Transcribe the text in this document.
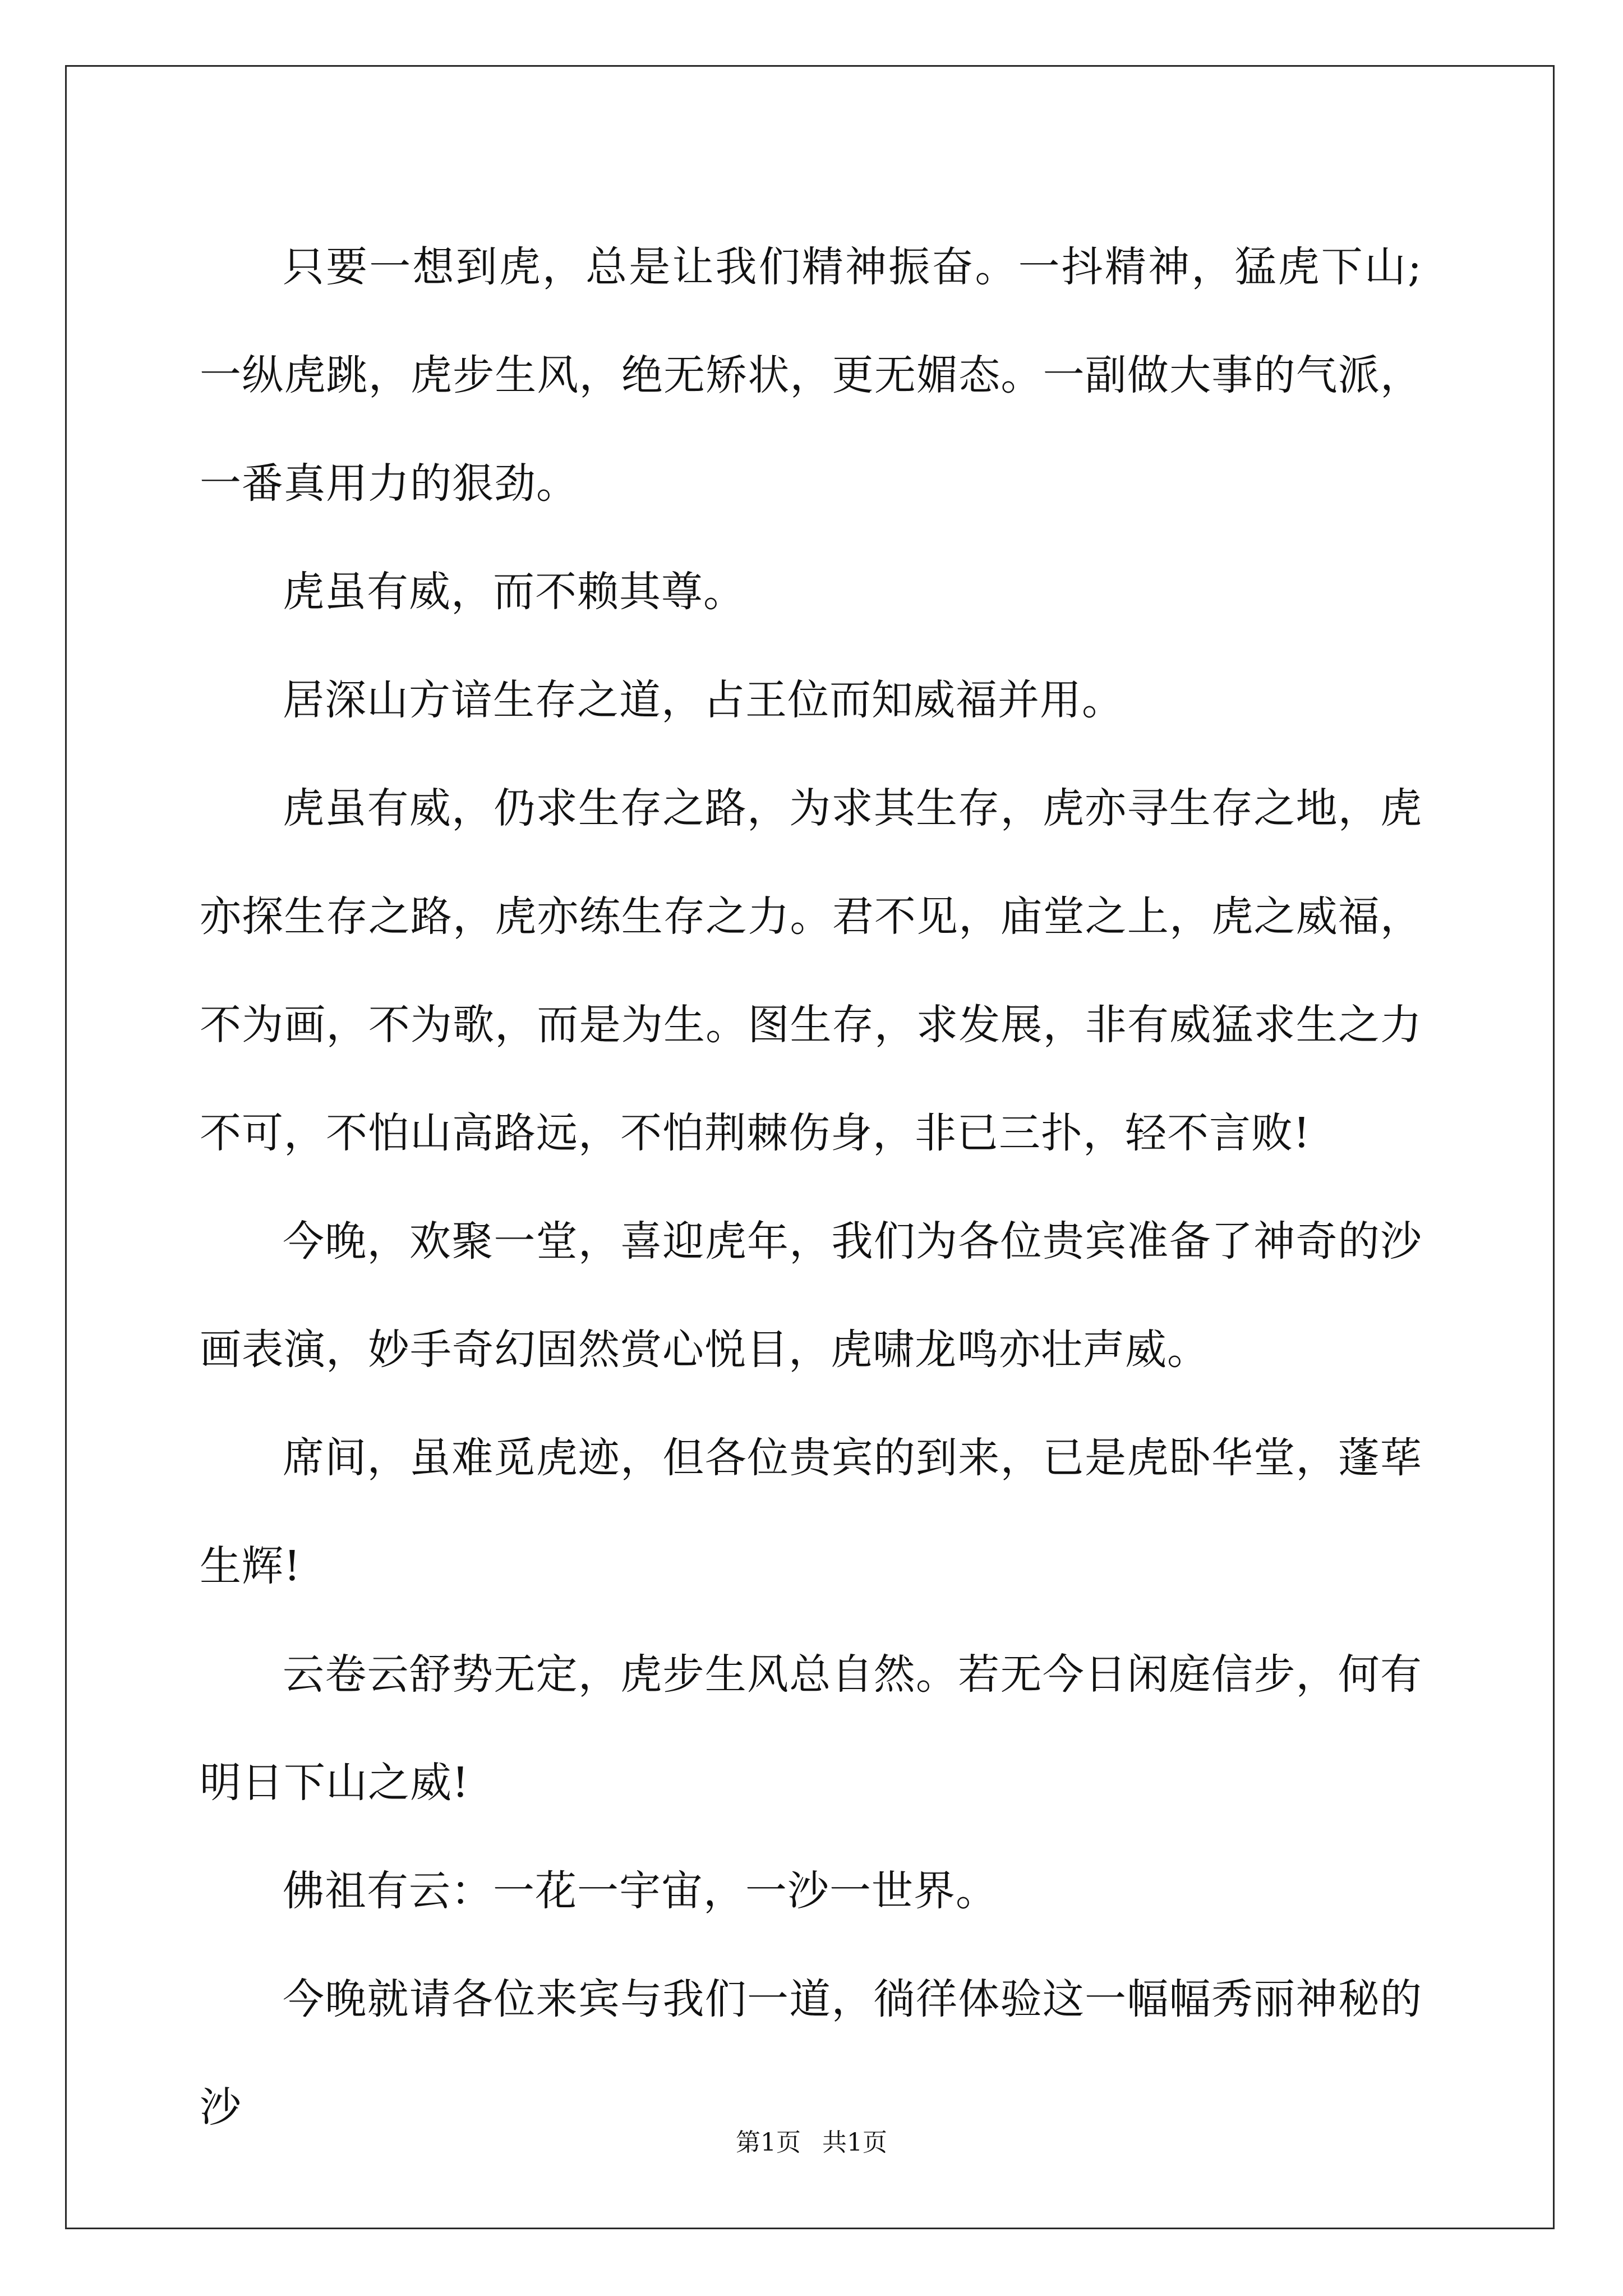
只要一想到虎，总是让我们精神振奋。一抖精神，猛虎下山;一纵虎跳，虎步生风，绝无矫状，更无媚态。一副做大事的气派，一番真用力的狠劲。

虎虽有威，而不赖其尊。

居深山方谙生存之道，占王位而知威福并用。

虎虽有威，仍求生存之路，为求其生存，虎亦寻生存之地，虎亦探生存之路，虎亦练生存之力。君不见，庙堂之上，虎之威福，不为画，不为歌，而是为生。图生存，求发展，非有威猛求生之力不可，不怕山高路远，不怕荆棘伤身，非已三扑，轻不言败!

今晚，欢聚一堂，喜迎虎年，我们为各位贵宾准备了神奇的沙画表演，妙手奇幻固然赏心悦目，虎啸龙鸣亦壮声威。

席间，虽难觅虎迹，但各位贵宾的到来，已是虎卧华堂，蓬荜生辉!

云卷云舒势无定，虎步生风总自然。若无今日闲庭信步，何有明日下山之威!

佛祖有云：一花一宇宙，一沙一世界。

今晚就请各位来宾与我们一道，徜徉体验这一幅幅秀丽神秘的沙

第1页 共1页
